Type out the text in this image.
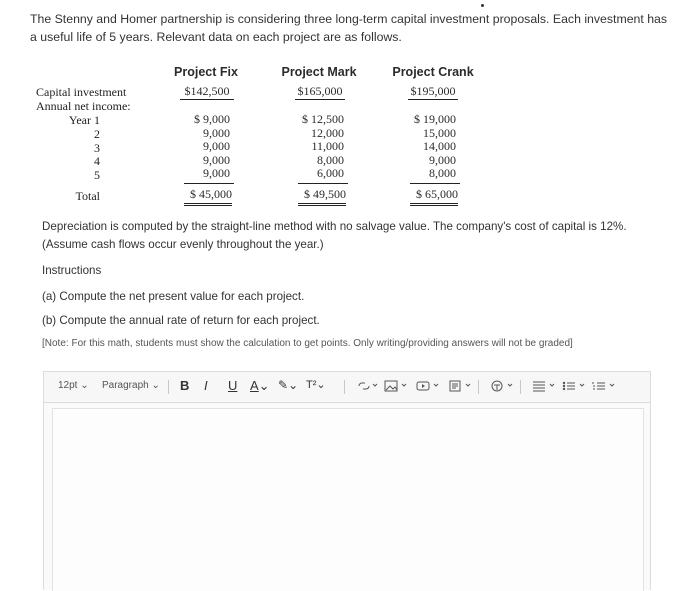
The Stenny and Homer partnership is considering three long-term capital investment proposals. Each investment has a useful life of 5 years. Relevant data on each project are as follows.
Capital investment
Annual net income:
Year 1
2
3
4
5
Total
Project Fix
$142,500
$ 9,000
9,000
9,000
9,000
9,000
$ 45,000
Project Mark
$165,000
$ 12,500
12,000
11,000
8,000
6,000
$ 49,500
Project Crank
$195,000
$ 19,000
15,000
14,000
9,000
8,000
$ 65,000
Depreciation is computed by the straight-line method with no salvage value. The company's cost of capital is 12%. (Assume cash flows occur evenly throughout the year.)
Instructions
(a) Compute the net present value for each project.
(b) Compute the annual rate of return for each project.
[Note: For this math, students must show the calculation to get points. Only writing/providing answers will not be graded]
12pt ⌄ Paragraph ⌄ B I U A⌄ ✎⌄ T²⌄
